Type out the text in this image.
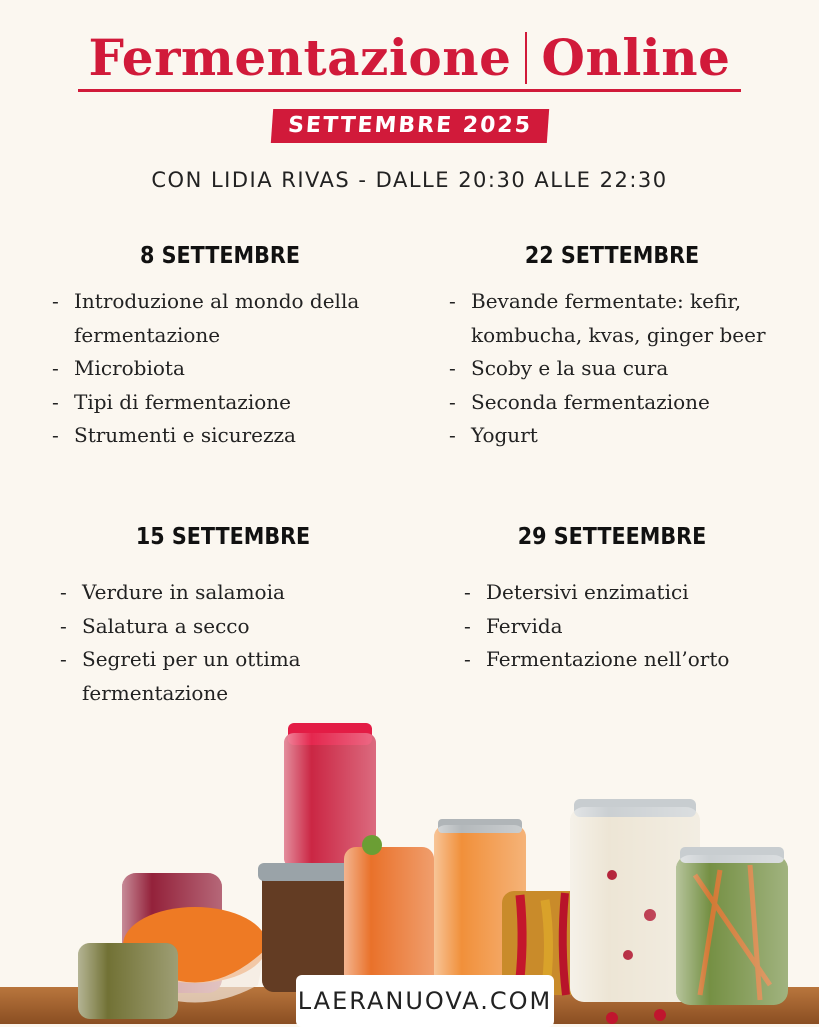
Fermentazione Online
SETTEMBRE 2025
CON LIDIA RIVAS - DALLE 20:30 ALLE 22:30
8 SETTEMBRE
- Introduzione al mondo della fermentazione
- Microbiota
- Tipi di fermentazione
- Strumenti e sicurezza
22 SETTEMBRE
- Bevande fermentate: kefir, kombucha, kvas, ginger beer
- Scoby e la sua cura
- Seconda fermentazione
- Yogurt
15 SETTEMBRE
- Verdure in salamoia
- Salatura a secco
- Segreti per un ottima fermentazione
29 SETTEEMBRE
- Detersivi enzimatici
- Fervida
- Fermentazione nell’orto
LAERANUOVA.COM
